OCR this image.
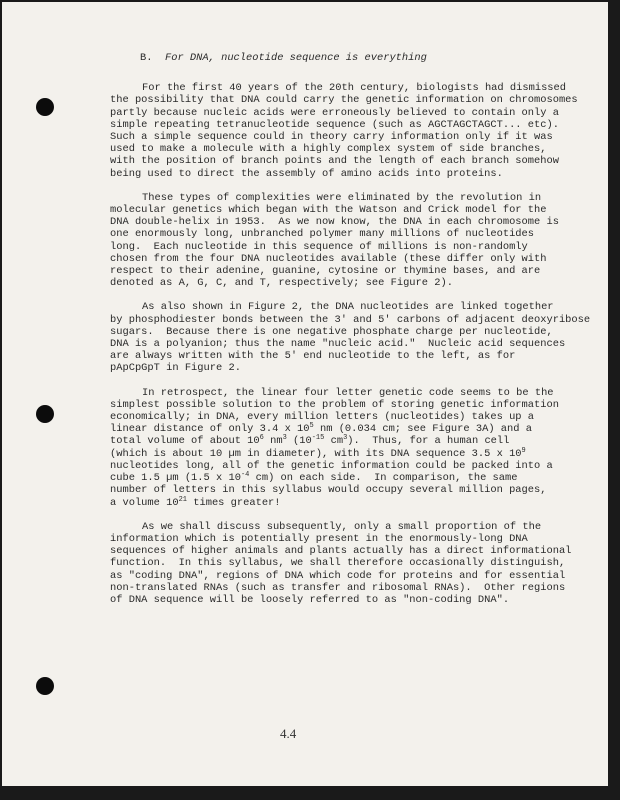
B. For DNA, nucleotide sequence is everything
For the first 40 years of the 20th century, biologists had dismissed
the possibility that DNA could carry the genetic information on chromosomes
partly because nucleic acids were erroneously believed to contain only a
simple repeating tetranucleotide sequence (such as AGCTAGCTAGCT... etc).
Such a simple sequence could in theory carry information only if it was
used to make a molecule with a highly complex system of side branches,
with the position of branch points and the length of each branch somehow
being used to direct the assembly of amino acids into proteins.
These types of complexities were eliminated by the revolution in
molecular genetics which began with the Watson and Crick model for the
DNA double-helix in 1953.  As we now know, the DNA in each chromosome is
one enormously long, unbranched polymer many millions of nucleotides
long.  Each nucleotide in this sequence of millions is non-randomly
chosen from the four DNA nucleotides available (these differ only with
respect to their adenine, guanine, cytosine or thymine bases, and are
denoted as A, G, C, and T, respectively; see Figure 2).
As also shown in Figure 2, the DNA nucleotides are linked together
by phosphodiester bonds between the 3' and 5' carbons of adjacent deoxyribose
sugars.  Because there is one negative phosphate charge per nucleotide,
DNA is a polyanion; thus the name "nucleic acid."  Nucleic acid sequences
are always written with the 5' end nucleotide to the left, as for
pApCpGpT in Figure 2.
In retrospect, the linear four letter genetic code seems to be the
simplest possible solution to the problem of storing genetic information
economically; in DNA, every million letters (nucleotides) takes up a
linear distance of only 3.4 x $10^5$ nm (0.034 cm; see Figure 3A) and a
total volume of about $10^6$ $nm^3$ ($10^{-15}$ $cm^3$).  Thus, for a human cell
(which is about 10 µm in diameter), with its DNA sequence 3.5 x $10^9$
nucleotides long, all of the genetic information could be packed into a
cube 1.5 µm (1.5 x $10^{-4}$ cm) on each side.  In comparison, the same
number of letters in this syllabus would occupy several million pages,
a volume $10^{21}$ times greater!
As we shall discuss subsequently, only a small proportion of the
information which is potentially present in the enormously-long DNA
sequences of higher animals and plants actually has a direct informational
function.  In this syllabus, we shall therefore occasionally distinguish,
as "coding DNA", regions of DNA which code for proteins and for essential
non-translated RNAs (such as transfer and ribosomal RNAs).  Other regions
of DNA sequence will be loosely referred to as "non-coding DNA".
4.4
